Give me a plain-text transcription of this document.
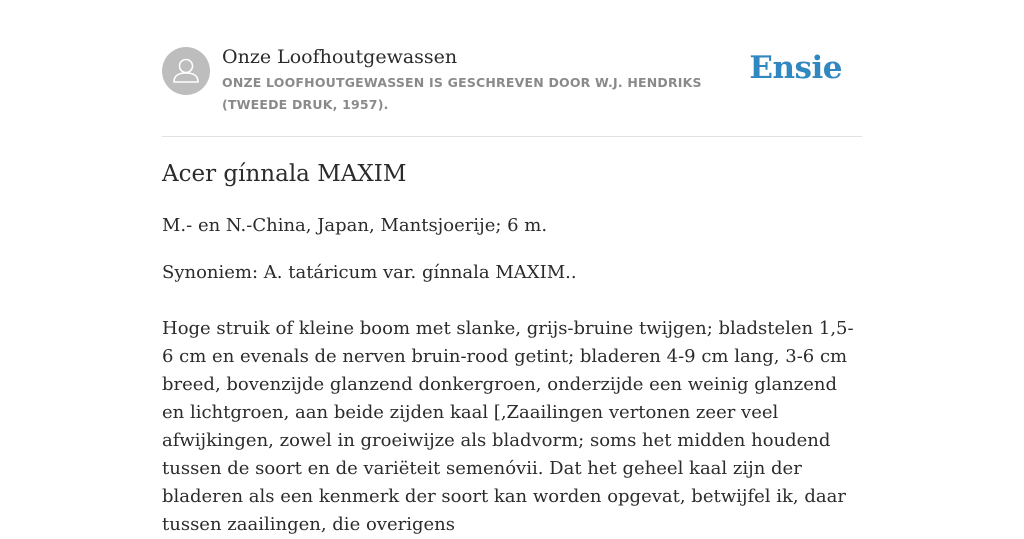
Onze Loofhoutgewassen
ONZE LOOFHOUTGEWASSEN IS GESCHREVEN DOOR W.J. HENDRIKS (TWEEDE DRUK, 1957).
Ensie
Acer gínnala MAXIM

M.- en N.-China, Japan, Mantsjoerije; 6 m.

Synoniem: A. tatáricum var. gínnala MAXIM..

Hoge struik of kleine boom met slanke, grijs-bruine twijgen; bladstelen 1,5-6 cm en evenals de nerven bruin-rood getint; bladeren 4-9 cm lang, 3-6 cm breed, bovenzijde glanzend donkergroen, onderzijde een weinig glanzend en lichtgroen, aan beide zijden kaal [,Zaailingen vertonen zeer veel afwijkingen, zowel in groeiwijze als bladvorm; soms het midden houdend tussen de soort en de variëteit semenóvii. Dat het geheel kaal zijn der bladeren als een kenmerk der soort kan worden opgevat, betwijfel ik, daar tussen zaailingen, die overigens
